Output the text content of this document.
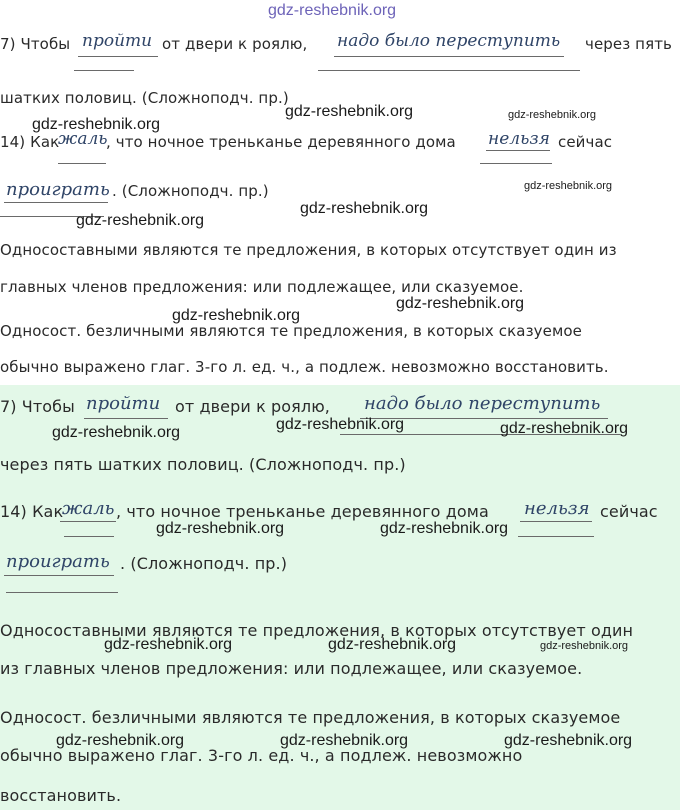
gdz-reshebnik.org
7) Чтобы пройти от двери к роялю, надо было переступить через пять
шатких половиц. (Сложноподч. пр.)
14) Как
жаль
, что ночное треньканье деревянного дома нельзя сейчас
проиграть . (Сложноподч. пр.)
Односоставными являются те предложения, в которых отсутствует один из
главных членов предложения: или подлежащее, или сказуемое.
Односост. безличными являются те предложения, в которых сказуемое
обычно выражено глаг. 3-го л. ед. ч., а подлеж. невозможно восстановить.
7) Чтобы пройти от двери к роялю, надо было переступить
через пять шатких половиц. (Сложноподч. пр.)
14) Как
жаль , что ночное треньканье деревянного дома нельзя сейчас
проиграть . (Сложноподч. пр.)
Односоставными являются те предложения, в которых отсутствует один
из главных членов предложения: или подлежащее, или сказуемое.
Односост. безличными являются те предложения, в которых сказуемое
обычно выражено глаг. 3-го л. ед. ч., а подлеж. невозможно
восстановить.
gdz-reshebnik.org	gdz-reshebnik.org
gdz-reshebnik.org
gdz-reshebnik.org
gdz-reshebnik.org
gdz-reshebnik.org
gdz-reshebnik.org
gdz-reshebnik.org
gdz-reshebnik.org	gdz-reshebnik.org
gdz-reshebnik.org
gdz-reshebnik.org	gdz-reshebnik.org
gdz-reshebnik.org	gdz-reshebnik.org	gdz-reshebnik.org
gdz-reshebnik.org	gdz-reshebnik.org	gdz-reshebnik.org
